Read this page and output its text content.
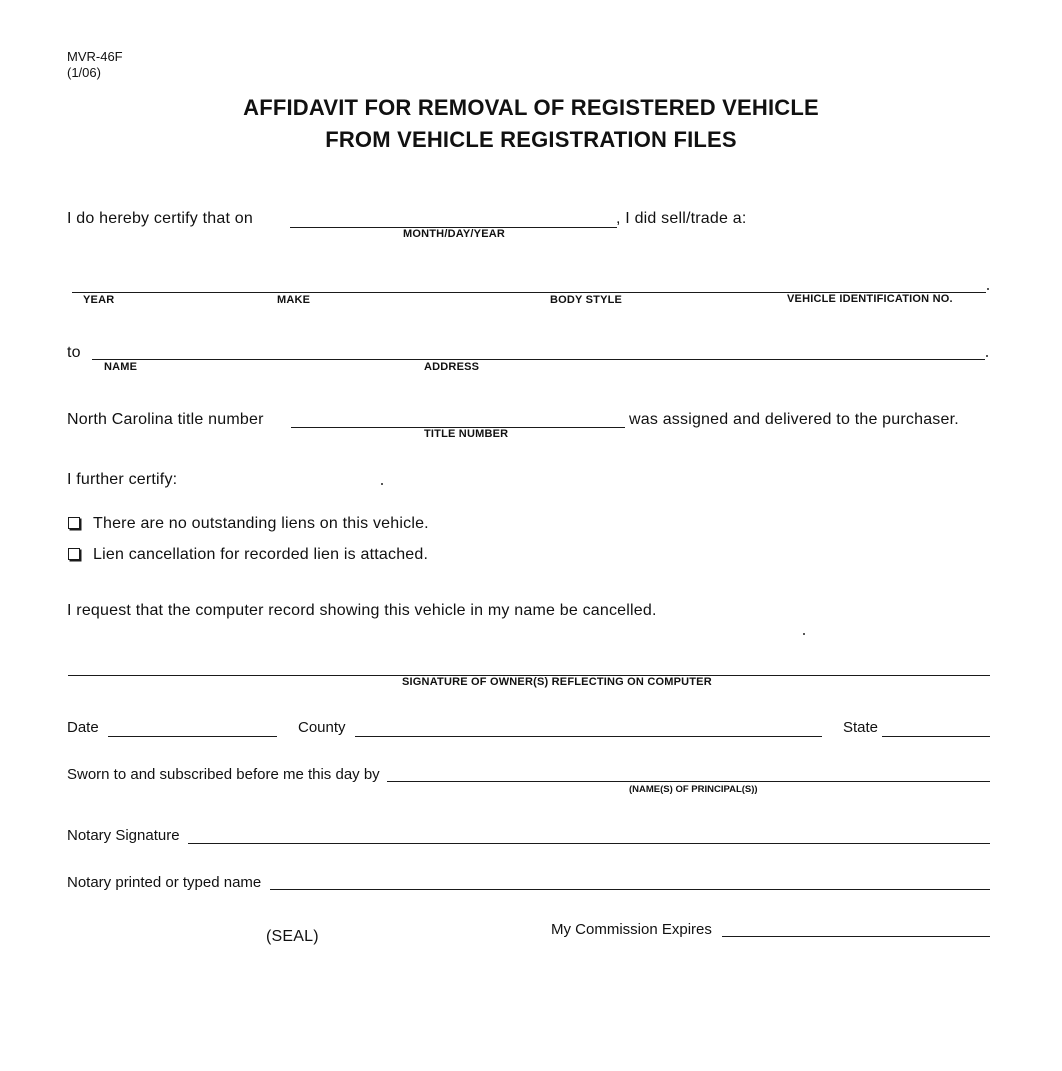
MVR-46F
(1/06)
AFFIDAVIT FOR REMOVAL OF REGISTERED VEHICLE
FROM VEHICLE REGISTRATION FILES
I do hereby certify that on
MONTH/DAY/YEAR
, I did sell/trade a:
YEAR	MAKE	BODY STYLE	VEHICLE IDENTIFICATION NO.
to
NAME	ADDRESS
North Carolina title number
TITLE NUMBER
was assigned and delivered to the purchaser.
I further certify:
There are no outstanding liens on this vehicle.
Lien cancellation for recorded lien is attached.
I request that the computer record showing this vehicle in my name be cancelled.
SIGNATURE OF OWNER(S) REFLECTING ON COMPUTER
Date	County	State
Sworn to and subscribed before me this day by
(NAME(S) OF PRINCIPAL(S))
Notary Signature
Notary printed or typed name
(SEAL)	My Commission Expires
